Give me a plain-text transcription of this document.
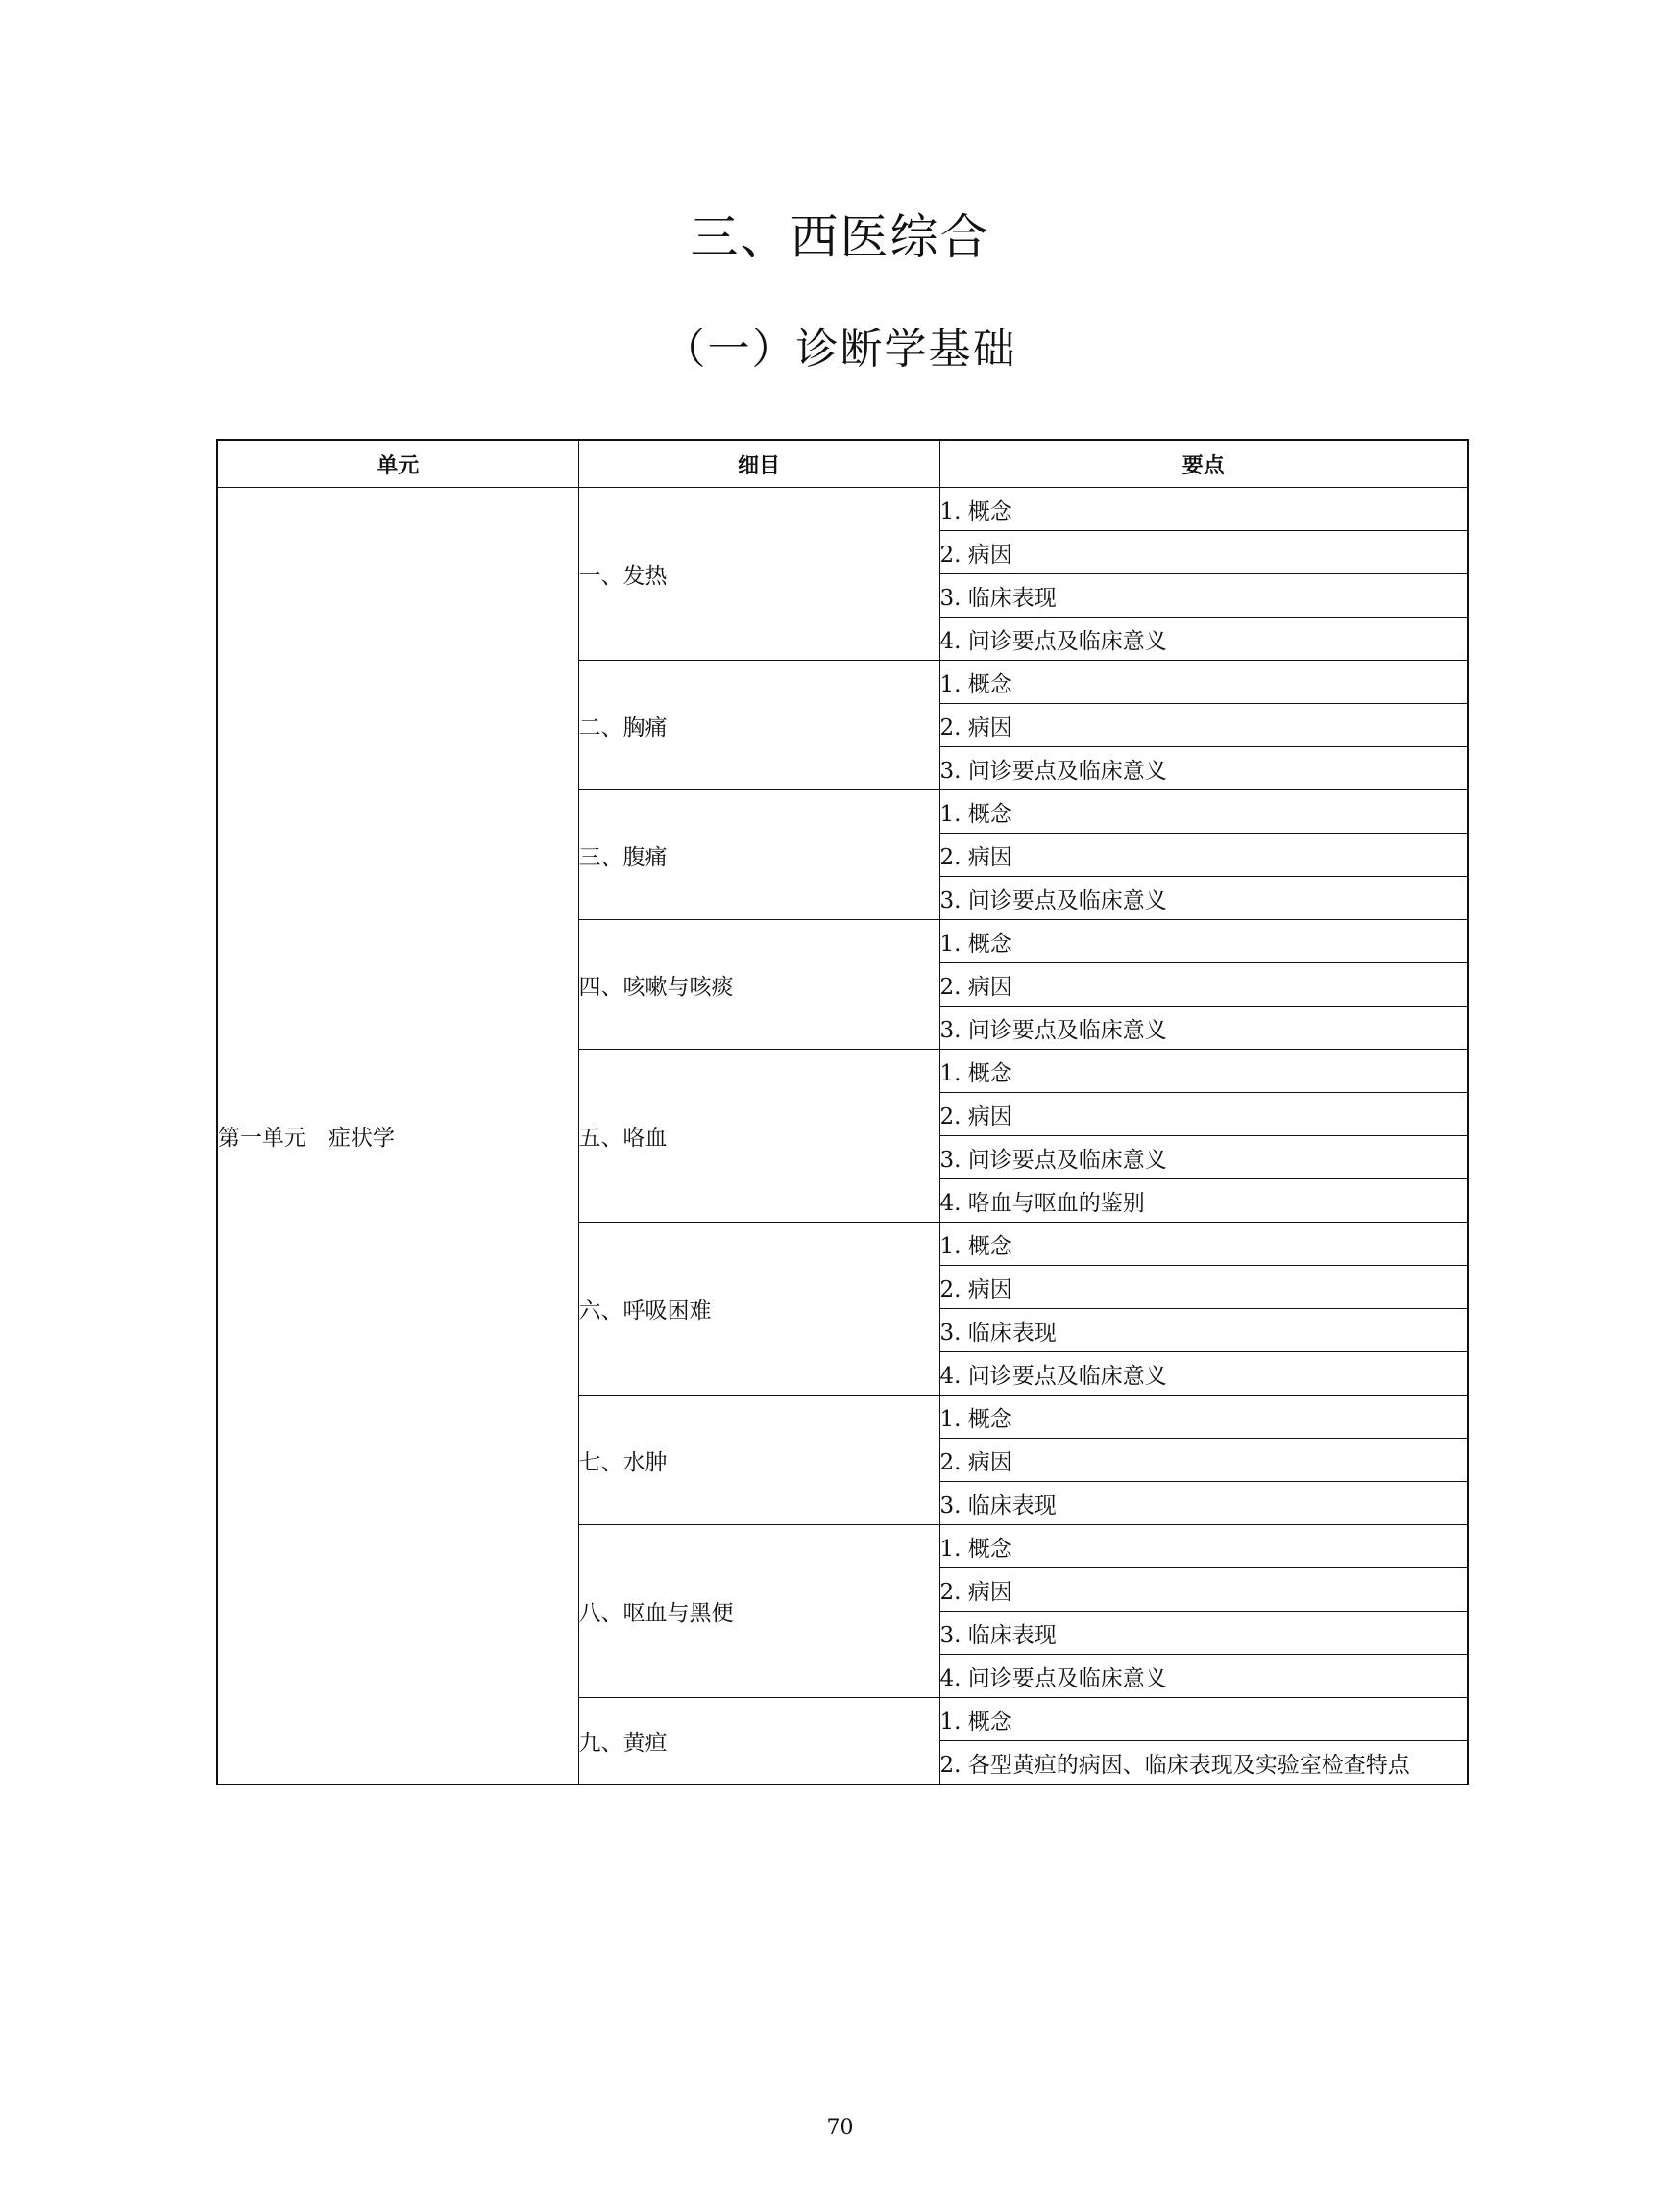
三、西医综合
（一）诊断学基础
单元	细目	要点
第一单元　症状学	一、发热	1. 概念
		2. 病因
		3. 临床表现
		4. 问诊要点及临床意义
	二、胸痛	1. 概念
		2. 病因
		3. 问诊要点及临床意义
	三、腹痛	1. 概念
		2. 病因
		3. 问诊要点及临床意义
	四、咳嗽与咳痰	1. 概念
		2. 病因
		3. 问诊要点及临床意义
	五、咯血	1. 概念
		2. 病因
		3. 问诊要点及临床意义
		4. 咯血与呕血的鉴别
	六、呼吸困难	1. 概念
		2. 病因
		3. 临床表现
		4. 问诊要点及临床意义
	七、水肿	1. 概念
		2. 病因
		3. 临床表现
	八、呕血与黑便	1. 概念
		2. 病因
		3. 临床表现
		4. 问诊要点及临床意义
	九、黄疸	1. 概念
		2. 各型黄疸的病因、临床表现及实验室检查特点
70
